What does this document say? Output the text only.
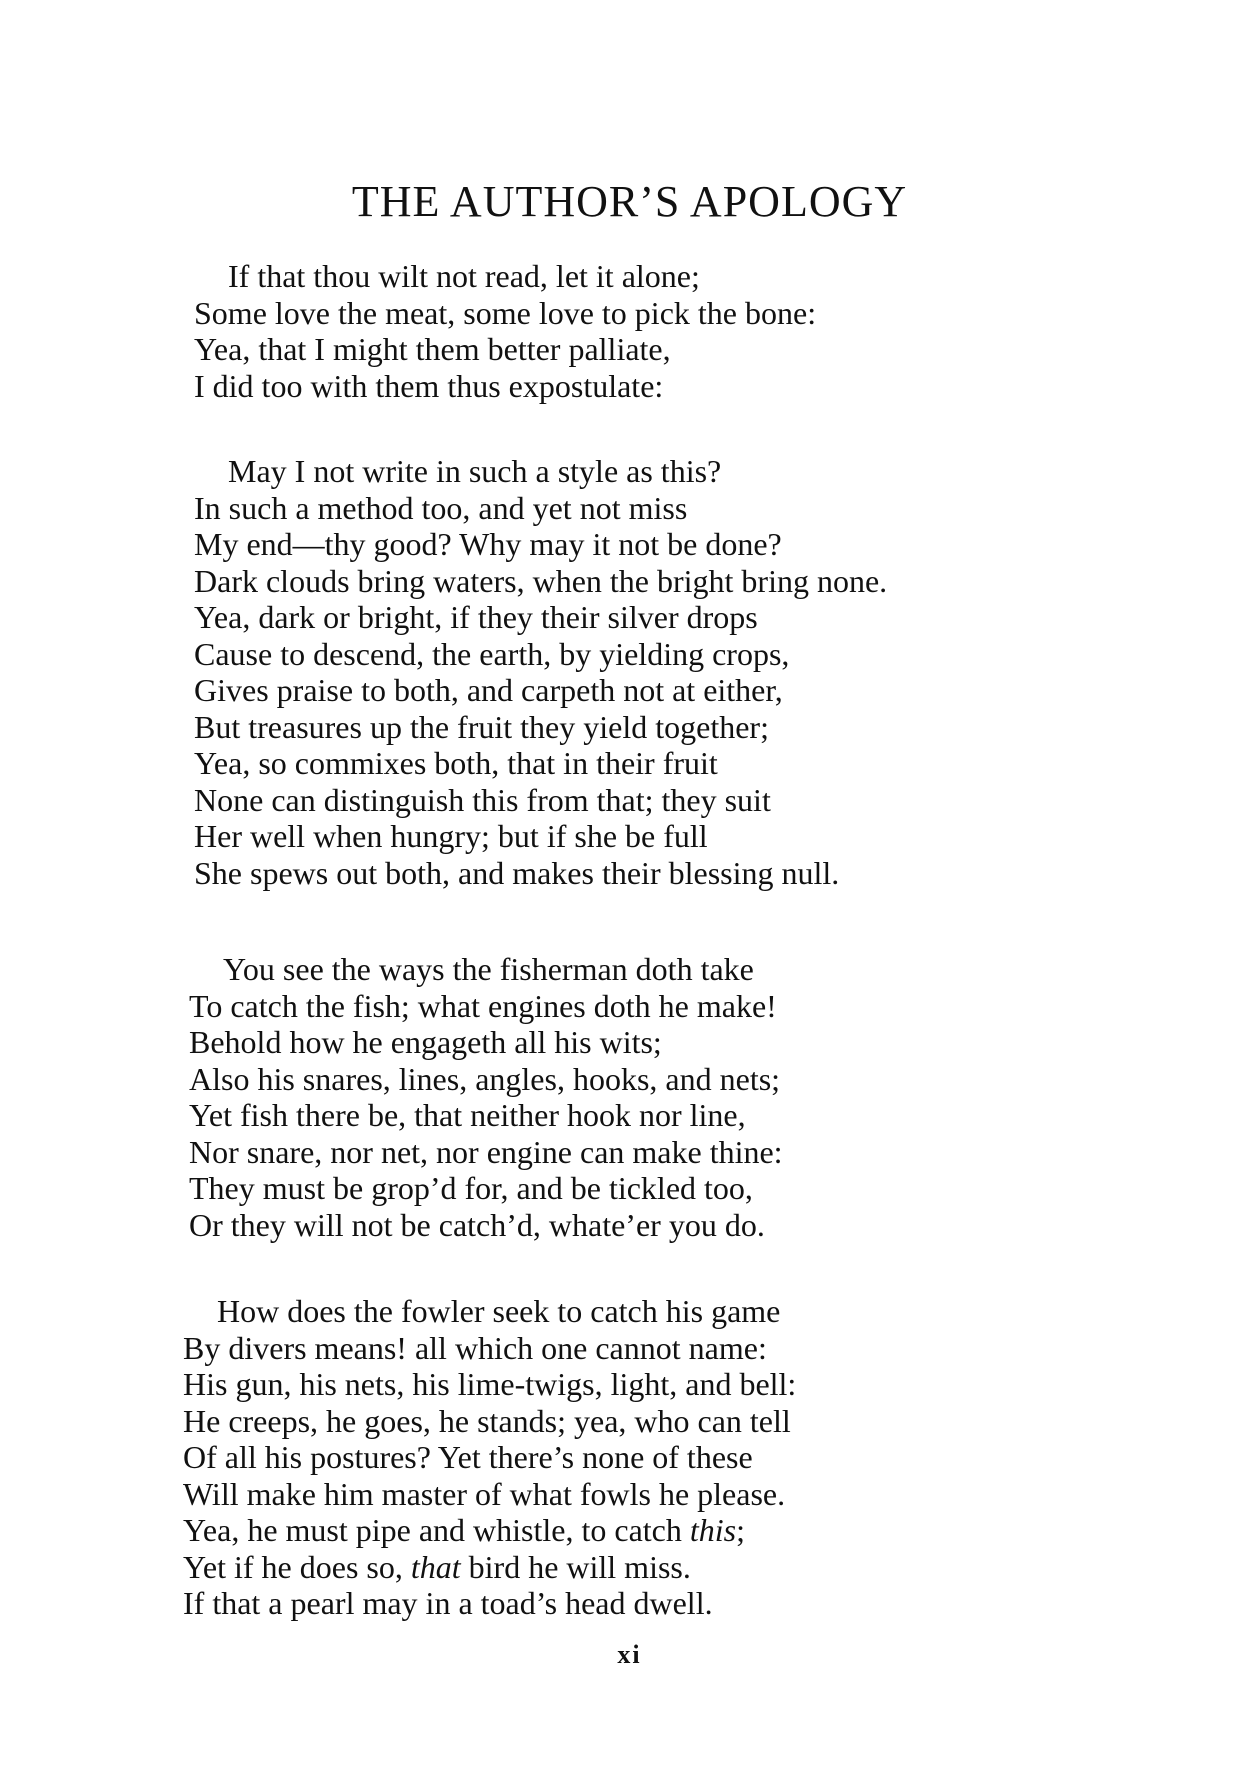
THE AUTHOR’S APOLOGY
If that thou wilt not read, let it alone;
Some love the meat, some love to pick the bone:
Yea, that I might them better palliate,
I did too with them thus expostulate:
May I not write in such a style as this?
In such a method too, and yet not miss
My end—thy good? Why may it not be done?
Dark clouds bring waters, when the bright bring none.
Yea, dark or bright, if they their silver drops
Cause to descend, the earth, by yielding crops,
Gives praise to both, and carpeth not at either,
But treasures up the fruit they yield together;
Yea, so commixes both, that in their fruit
None can distinguish this from that; they suit
Her well when hungry; but if she be full
She spews out both, and makes their blessing null.
You see the ways the fisherman doth take
To catch the fish; what engines doth he make!
Behold how he engageth all his wits;
Also his snares, lines, angles, hooks, and nets;
Yet fish there be, that neither hook nor line,
Nor snare, nor net, nor engine can make thine:
They must be grop’d for, and be tickled too,
Or they will not be catch’d, whate’er you do.
How does the fowler seek to catch his game
By divers means! all which one cannot name:
His gun, his nets, his lime-twigs, light, and bell:
He creeps, he goes, he stands; yea, who can tell
Of all his postures? Yet there’s none of these
Will make him master of what fowls he please.
Yea, he must pipe and whistle, to catch this;
Yet if he does so, that bird he will miss.
If that a pearl may in a toad’s head dwell.
xi
